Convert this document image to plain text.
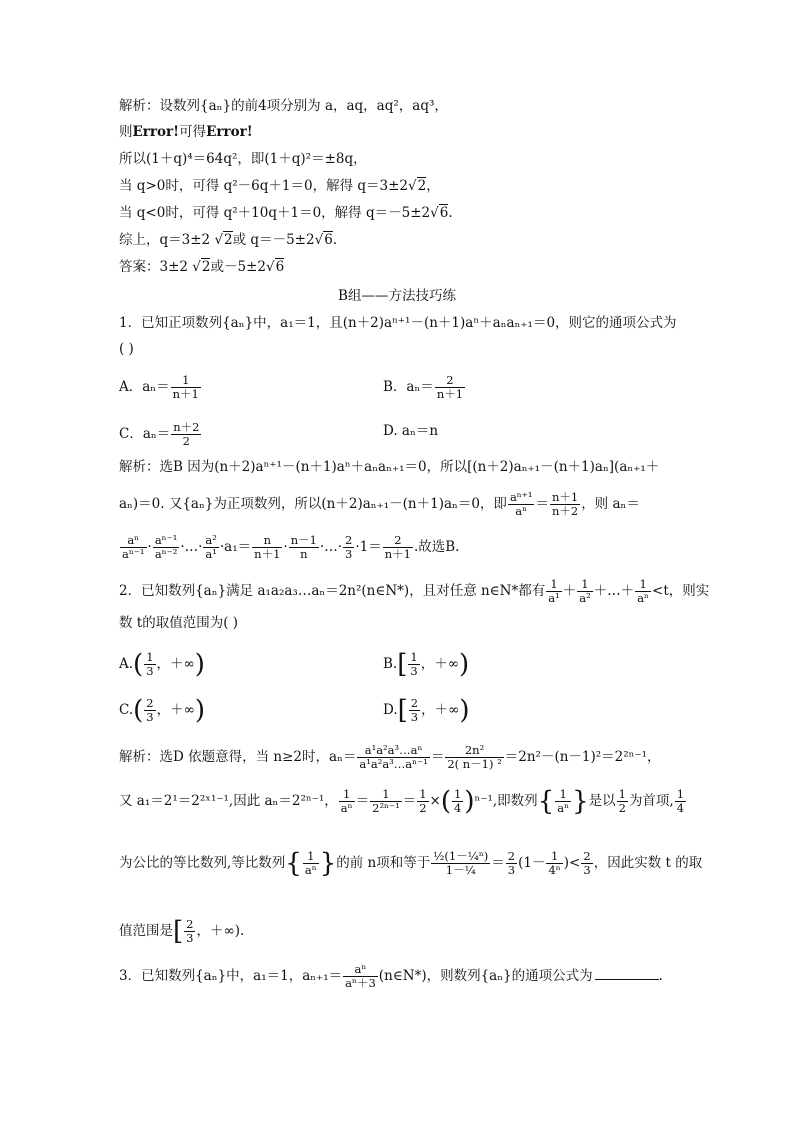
解析：设数列{aₙ}的前4项分别为 a，aq，aq²，aq³，
则Error!可得Error!
所以(1＋q)⁴＝64q²，即(1＋q)²＝±8q，
当 q>0时，可得 q²－6q＋1＝0，解得 q＝3±2√2，
当 q<0时，可得 q²＋10q＋1＝0，解得 q＝－5±2√6.
综上，q＝3±2 √2或 q＝－5±2√6.
答案：3±2 √2或－5±2√6
B组——方法技巧练
1．已知正项数列{aₙ}中，a₁＝1，且(n＋2)aⁿ⁺¹－(n＋1)aⁿ＋aₙaₙ₊₁＝0，则它的通项公式为
( )
A．$a_n= \frac{1}{n+1}$	B．$a_n= \frac{2}{n+1}$
C．$a_n= \frac{n+2}{2}$	D. aₙ＝n
解析：选B 因为(n＋2)aⁿ⁺¹－(n＋1)aⁿ＋aₙaₙ₊₁＝0，所以[(n＋2)aₙ₊₁－(n＋1)aₙ](aₙ₊₁＋
aₙ)＝0. 又{aₙ}为正项数列，所以(n＋2)aₙ₊₁－(n＋1)aₙ＝0，即 $\frac{\text{aⁿ⁺¹}}{\text{aⁿ}} = \frac{n+1}{n+2}$ ，则 aₙ＝
$\frac{\text{aⁿ}}{\text{aⁿ⁻¹}} \cdot \frac{\text{aⁿ⁻¹}}{\text{aⁿ⁻²}}$ ·…· $\frac{\text{a²}}{\text{a¹}} \cdot a_1= \frac{n}{n+1} \cdot \frac{n-1}{n}$ ·…· $\frac{2}{3} \cdot 1= \frac{2}{n+1}$ .故选B.
2．已知数列{aₙ}满足 a₁a₂a₃…aₙ＝2n²(n∈N*)，且对任意 n∈N*都有 $\frac{1}{\text{a¹}} + \frac{1}{\text{a²}}$ ＋…＋ $\frac{1}{\text{aⁿ}} <t$，则实
数 t的取值范围为( )
$A.( \frac{1}{3}$ ，＋∞)	$B.[ \frac{1}{3}$ ，＋∞)
$C.( \frac{2}{3}$ ，＋∞)	$D.[ \frac{2}{3}$ ，＋∞)
解析：选D 依题意得，当 n≥2时，$a_n= \frac{\text{a¹a²a³…aⁿ}}{\text{a¹a²a³…aⁿ⁻¹}} = \frac{\text{2n²}}{\text{2( n－1) ²}} =2n^2-(n-1)^2=2^{2n-1}$，
又 a₁＝2¹＝2²ˣ¹⁻¹,因此 aₙ＝2²ⁿ⁻¹， $\frac{1}{\text{aⁿ}} = \frac{1}{\text{2²ⁿ⁻¹}} = \frac{1}{2}$ ×( $\frac{1}{4} )^{n-1}$,即数列{ $\frac{1}{\text{aⁿ}}$ }是以 $\frac{1}{2}$ 为首项, $\frac{1}{4}$
为公比的等比数列,等比数列{ $\frac{1}{\text{aⁿ}}$ }的前 n项和等于 $\frac{\text{½(1－¼ⁿ)}}{\text{1－¼}} = \frac{2}{3} (1- \frac{1}{\text{4ⁿ}}$ )< $\frac{2}{3}$ ，因此实数 t 的取
值范围是[ $\frac{2}{3}$ ，＋∞).
3．已知数列{aₙ}中，a₁＝1，$a_{n+1}= \frac{\text{aⁿ}}{\text{aⁿ＋3}}$ (n∈N*)，则数列{aₙ}的通项公式为	.
